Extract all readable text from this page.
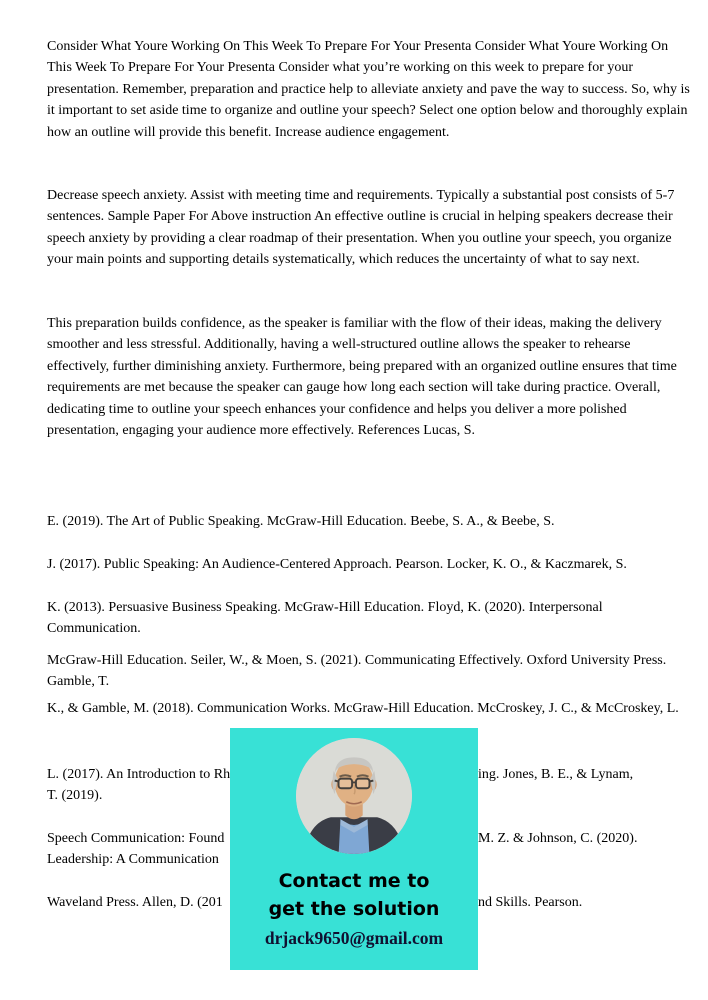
Consider What Youre Working On This Week To Prepare For Your Presenta Consider What Youre Working On This Week To Prepare For Your Presenta Consider what you’re working on this week to prepare for your presentation. Remember, preparation and practice help to alleviate anxiety and pave the way to success. So, why is it important to set aside time to organize and outline your speech? Select one option below and thoroughly explain how an outline will provide this benefit. Increase audience engagement.

Decrease speech anxiety. Assist with meeting time and requirements. Typically a substantial post consists of 5-7 sentences. Sample Paper For Above instruction An effective outline is crucial in helping speakers decrease their speech anxiety by providing a clear roadmap of their presentation. When you outline your speech, you organize your main points and supporting details systematically, which reduces the uncertainty of what to say next.

This preparation builds confidence, as the speaker is familiar with the flow of their ideas, making the delivery smoother and less stressful. Additionally, having a well-structured outline allows the speaker to rehearse effectively, further diminishing anxiety. Furthermore, being prepared with an organized outline ensures that time requirements are met because the speaker can gauge how long each section will take during practice. Overall, dedicating time to outline your speech enhances your confidence and helps you deliver a more polished presentation, engaging your audience more effectively. References Lucas, S.

E. (2019). The Art of Public Speaking. McGraw-Hill Education. Beebe, S. A., & Beebe, S.

J. (2017). Public Speaking: An Audience-Centered Approach. Pearson. Locker, K. O., & Kaczmarek, S.

K. (2013). Persuasive Business Speaking. McGraw-Hill Education. Floyd, K. (2020). Interpersonal Communication.

McGraw-Hill Education. Seiler, W., & Moen, S. (2021). Communicating Effectively. Oxford University Press. Gamble, T.

K., & Gamble, M. (2018). Communication Works. McGraw-Hill Education. McCroskey, J. C., & McCroskey, L.

L. (2017). An Introduction to Rh	ing. Jones, B. E., & Lynam,
T. (2019).
Speech Communication: Found	M. Z. & Johnson, C. (2020).
Leadership: A Communication
Waveland Press. Allen, D. (201	nd Skills. Pearson.
Contact me to
get the solution
drjack9650@gmail.com
